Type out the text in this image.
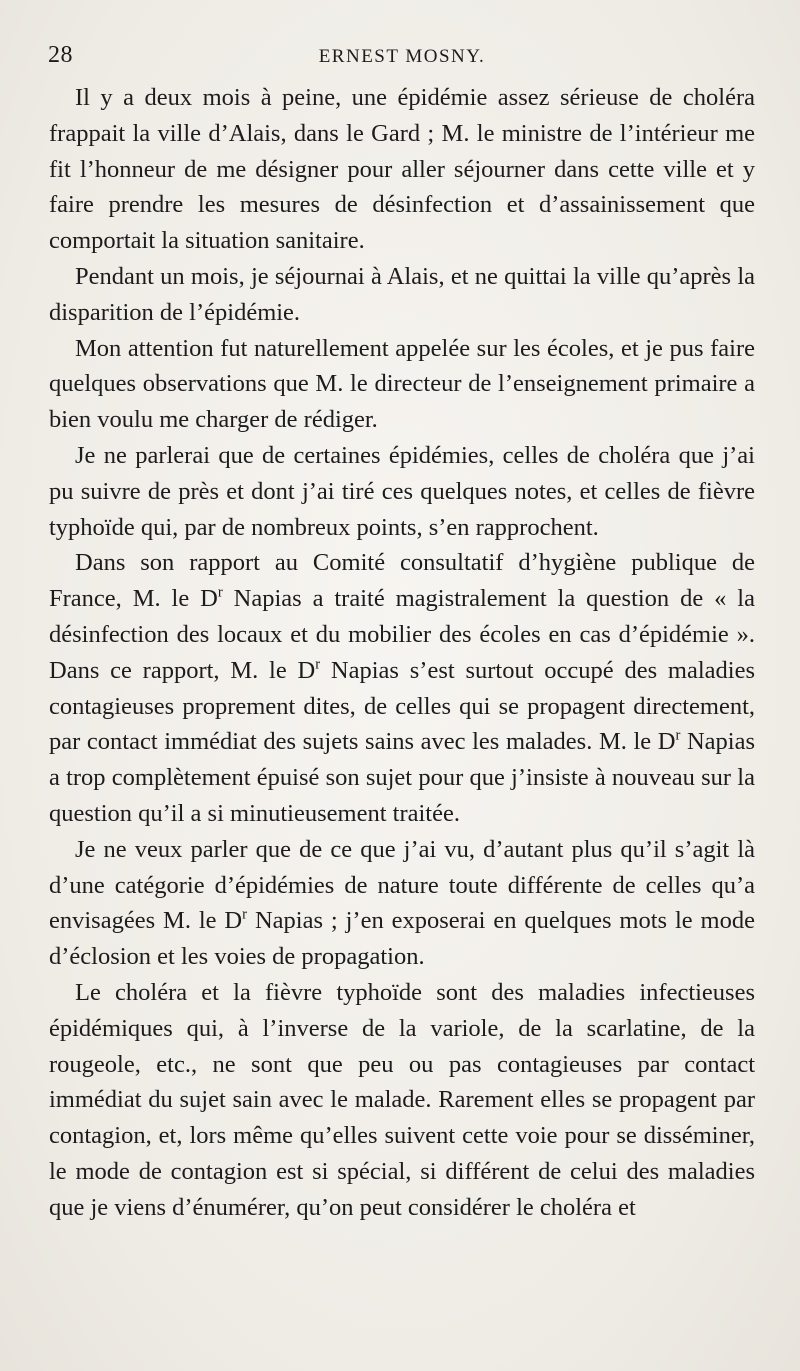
28	ERNEST MOSNY.

Il y a deux mois à peine, une épidémie assez sérieuse de choléra frappait la ville d’Alais, dans le Gard ; M. le ministre de l’intérieur me fit l’honneur de me désigner pour aller séjourner dans cette ville et y faire prendre les mesures de désinfection et d’assainissement que comportait la situation sanitaire.

Pendant un mois, je séjournai à Alais, et ne quittai la ville qu’après la disparition de l’épidémie.

Mon attention fut naturellement appelée sur les écoles, et je pus faire quelques observations que M. le directeur de l’enseignement primaire a bien voulu me charger de rédiger.

Je ne parlerai que de certaines épidémies, celles de choléra que j’ai pu suivre de près et dont j’ai tiré ces quelques notes, et celles de fièvre typhoïde qui, par de nombreux points, s’en rapprochent.

Dans son rapport au Comité consultatif d’hygiène publique de France, M. le $D^r$ Napias a traité magistralement la question de « la désinfection des locaux et du mobilier des écoles en cas d’épidémie ». Dans ce rapport, M. le $D^r$ Napias s’est surtout occupé des maladies contagieuses proprement dites, de celles qui se propagent directement, par contact immédiat des sujets sains avec les malades. M. le $D^r$ Napias a trop complètement épuisé son sujet pour que j’insiste à nouveau sur la question qu’il a si minutieusement traitée.

Je ne veux parler que de ce que j’ai vu, d’autant plus qu’il s’agit là d’une catégorie d’épidémies de nature toute différente de celles qu’a envisagées M. le $D^r$ Napias ; j’en exposerai en quelques mots le mode d’éclosion et les voies de propagation.

Le choléra et la fièvre typhoïde sont des maladies infectieuses épidémiques qui, à l’inverse de la variole, de la scarlatine, de la rougeole, etc., ne sont que peu ou pas contagieuses par contact immédiat du sujet sain avec le malade. Rarement elles se propagent par contagion, et, lors même qu’elles suivent cette voie pour se disséminer, le mode de contagion est si spécial, si différent de celui des maladies que je viens d’énumérer, qu’on peut considérer le choléra et
